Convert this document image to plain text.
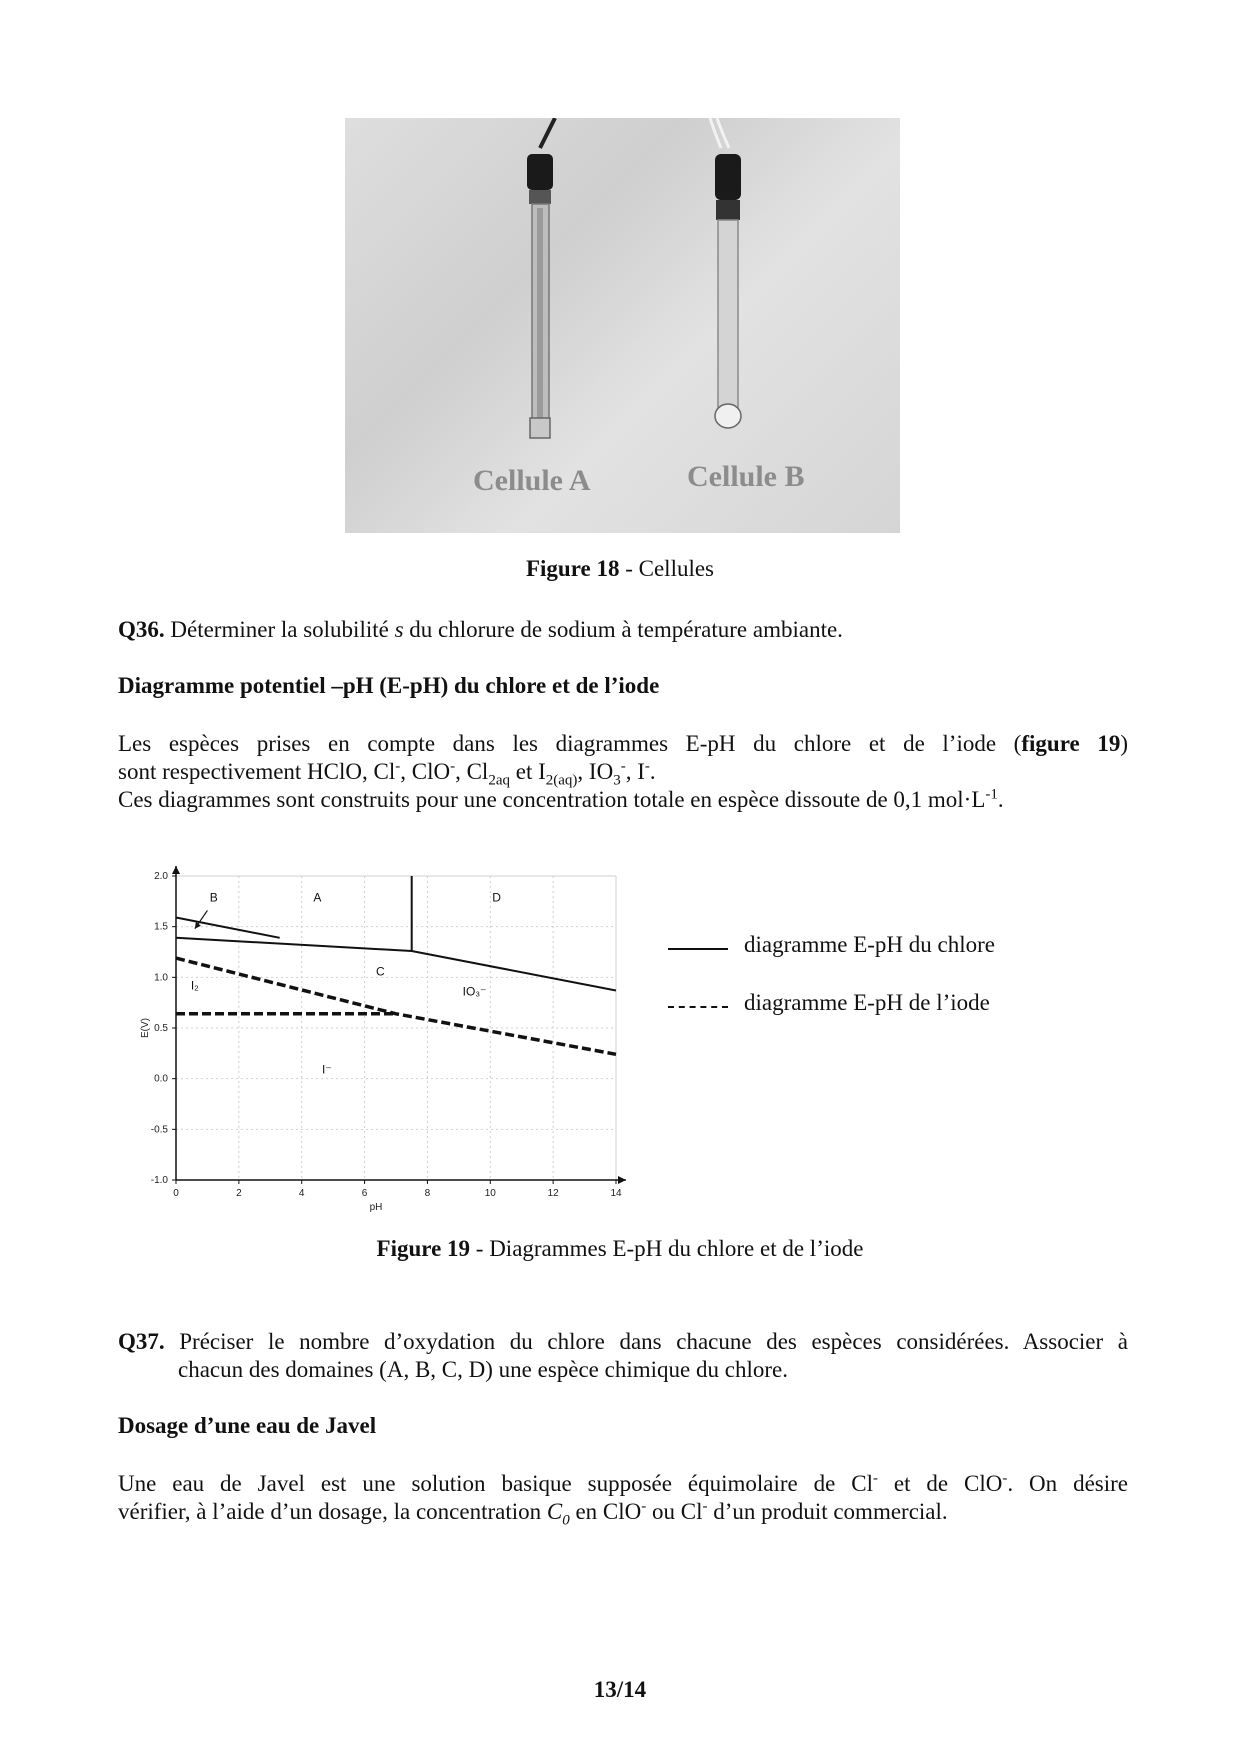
Cellule A	Cellule B
Figure 18 - Cellules
Q36. Déterminer la solubilité s du chlorure de sodium à température ambiante.
Diagramme potentiel –pH (E-pH) du chlore et de l’iode
Les espèces prises en compte dans les diagrammes E-pH du chlore et de l’iode (figure 19)
sont respectivement HClO, Cl-, ClO-, $Cl_{2aq}$ et $I_{2(aq)}$, $IO_3^-$, I-.
Ces diagrammes sont construits pour une concentration totale en espèce dissoute de 0,1 $mol\cdot L^{-1}$.
0	2	4	6	8	10	12	14
2.0
1.5
1.0
0.5
0.0
-0.5
-1.0
pH
E(V)
A
B
C
D
I₂	IO₃⁻
I⁻
diagramme E-pH du chlore
diagramme E-pH de l’iode
Figure 19 - Diagrammes E-pH du chlore et de l’iode
Q37. Préciser le nombre d’oxydation du chlore dans chacune des espèces considérées. Associer à
chacun des domaines (A, B, C, D) une espèce chimique du chlore.
Dosage d’une eau de Javel
Une eau de Javel est une solution basique supposée équimolaire de Cl- et de ClO-. On désire
vérifier, à l’aide d’un dosage, la concentration $C_0$ en ClO- ou Cl- d’un produit commercial.
13/14
